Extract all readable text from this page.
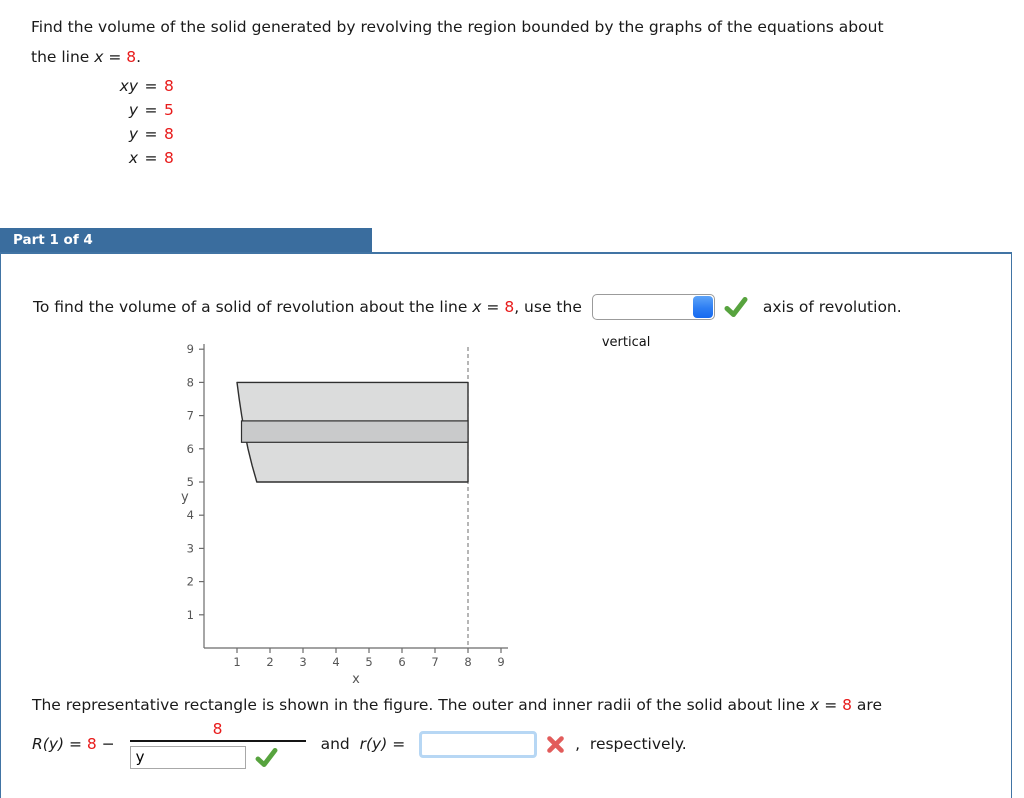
Find the volume of the solid generated by revolving the region bounded by the graphs of the equations about
the line x = 8.
xy = 8
y = 5
y = 8
x = 8
Part 1 of 4
To find the volume of a solid of revolution about the line x = 8, use the

vertical

axis of revolution.
1 2 3 4 5 6 7 8 9
1
2
3
4
5
6
7
8
9
y
x
The representative rectangle is shown in the figure. The outer and inner radii of the solid about line x = 8 are
R(y) = 8 −
8
y
and  r(y) =	,  respectively.
